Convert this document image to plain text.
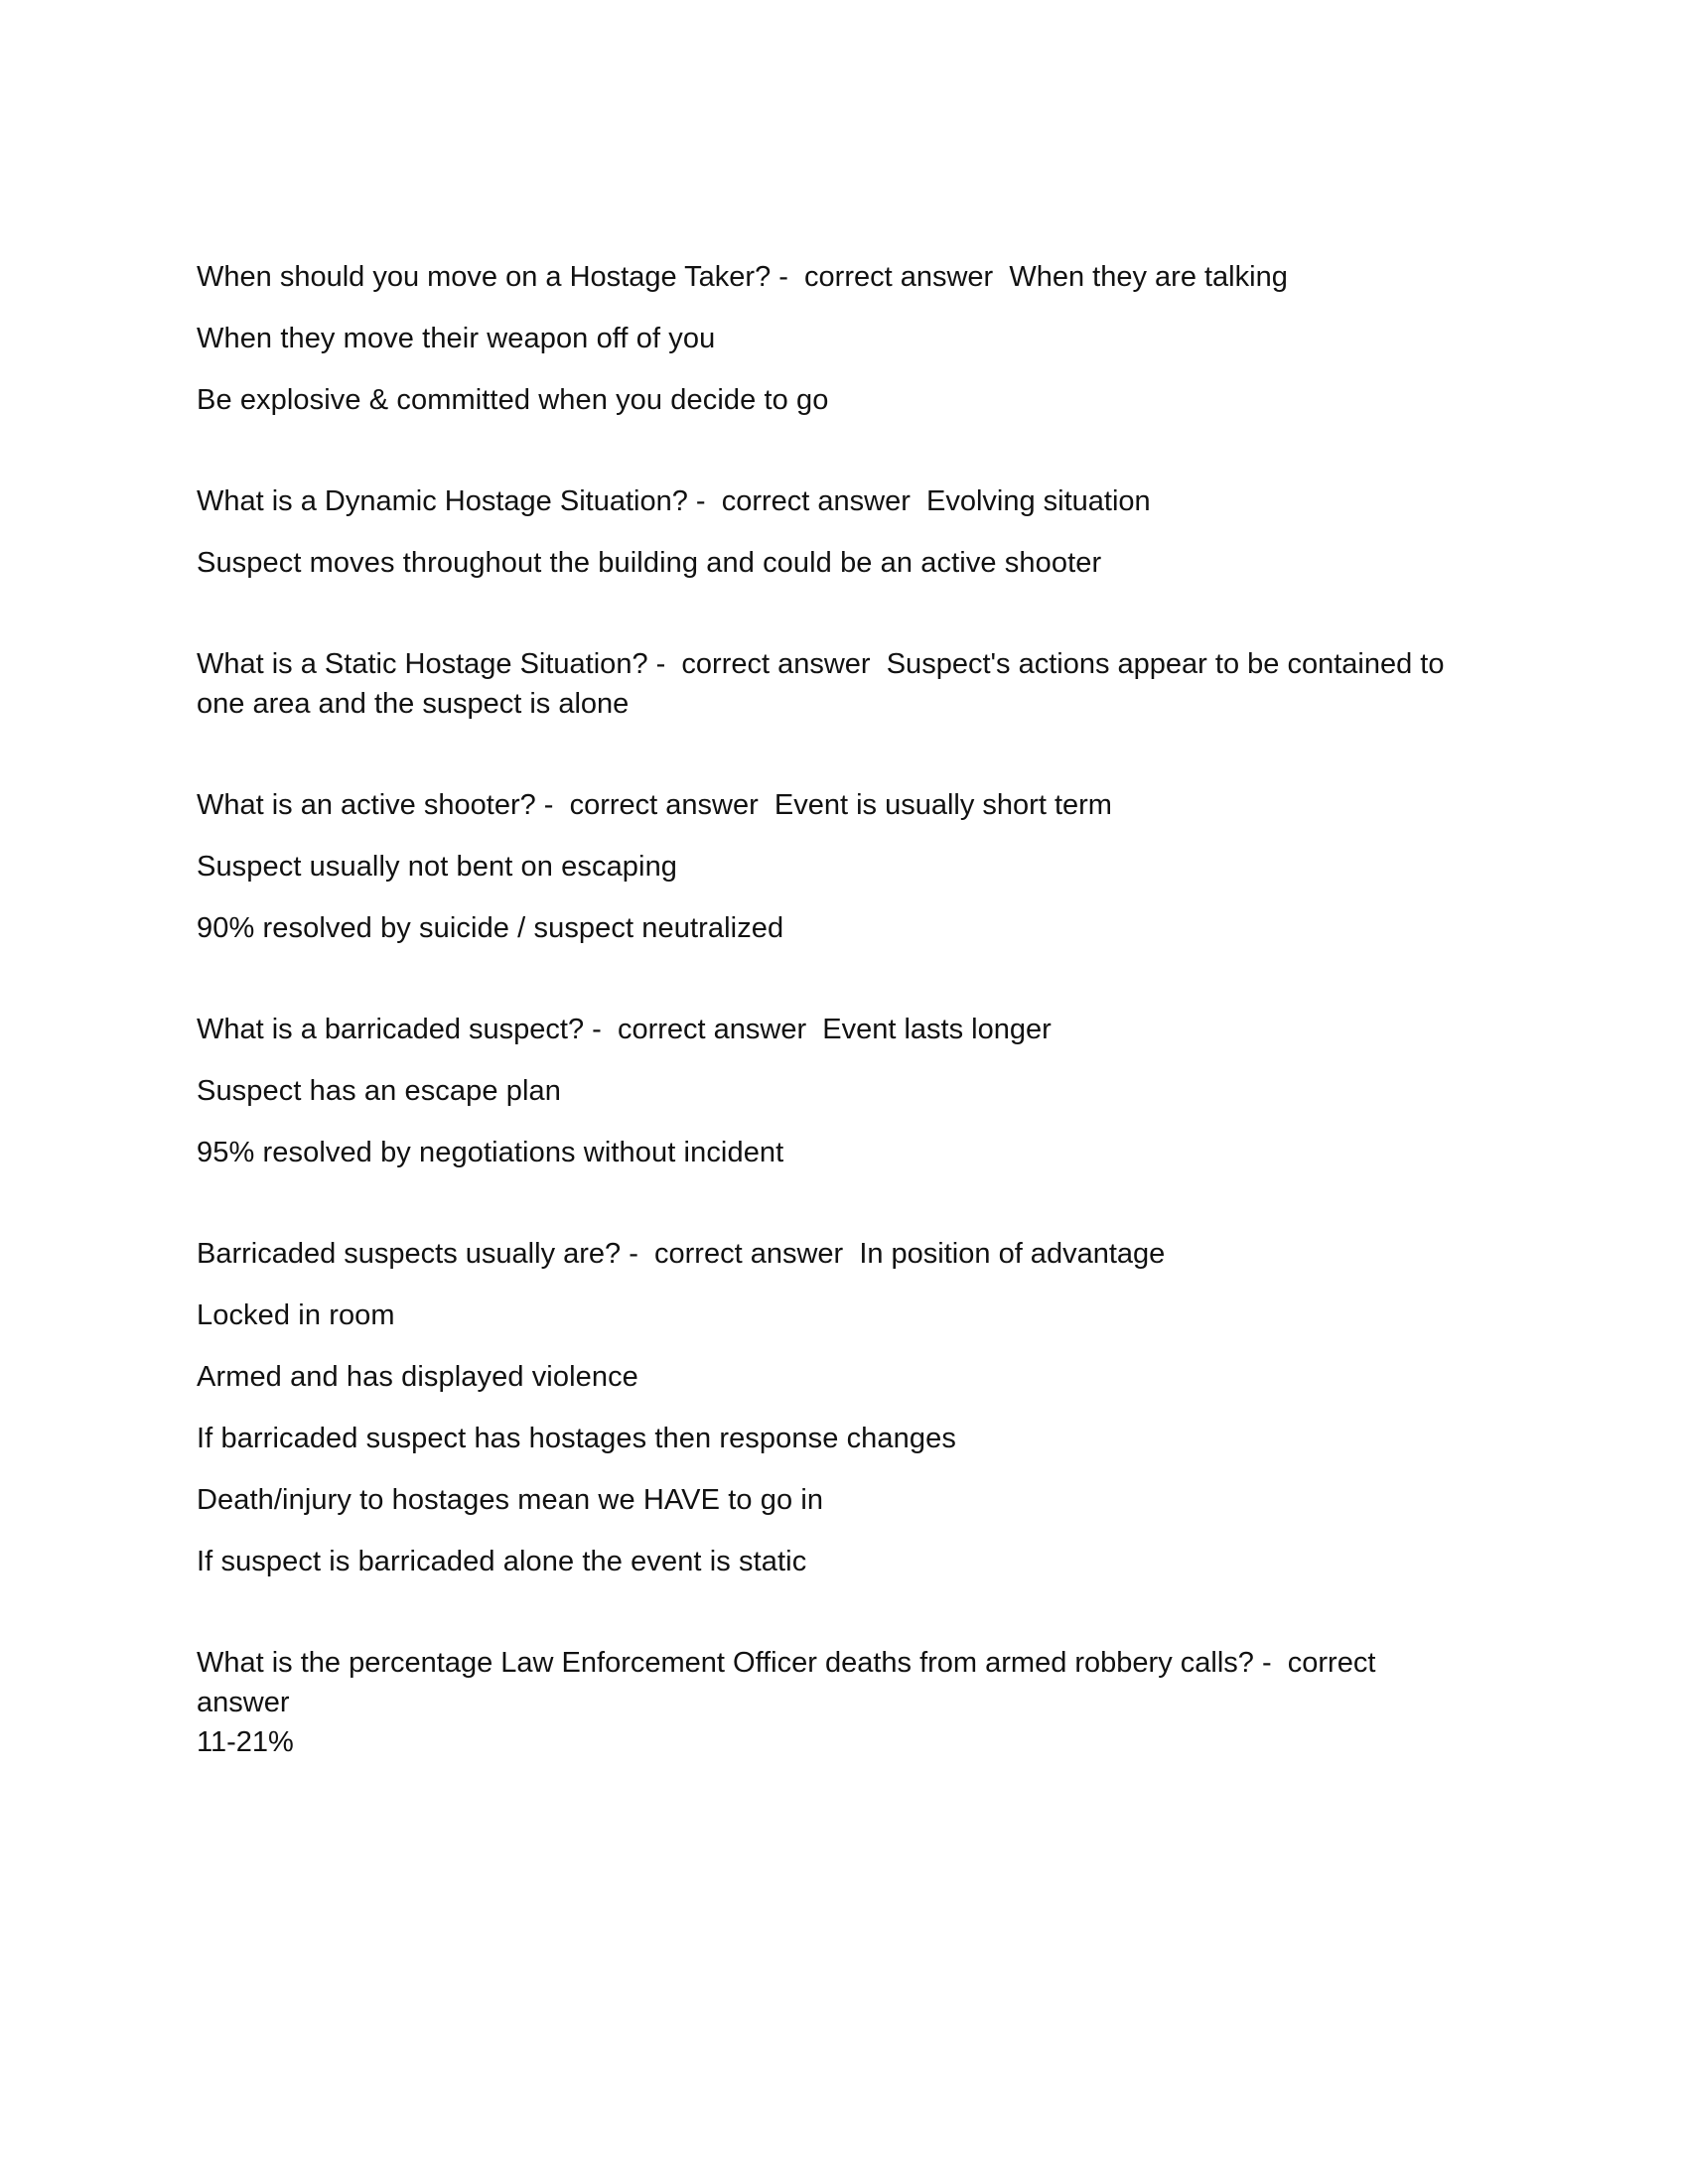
When should you move on a Hostage Taker? -  correct answer When they are talking
When they move their weapon off of you
Be explosive & committed when you decide to go
What is a Dynamic Hostage Situation? -  correct answer Evolving situation
Suspect moves throughout the building and could be an active shooter
What is a Static Hostage Situation? -  correct answer Suspect's actions appear to be contained to one area and the suspect is alone
What is an active shooter? -  correct answer Event is usually short term
Suspect usually not bent on escaping
90% resolved by suicide / suspect neutralized
What is a barricaded suspect? -  correct answer Event lasts longer
Suspect has an escape plan
95% resolved by negotiations without incident
Barricaded suspects usually are? -  correct answer In position of advantage
Locked in room
Armed and has displayed violence
If barricaded suspect has hostages then response changes
Death/injury to hostages mean we HAVE to go in
If suspect is barricaded alone the event is static
What is the percentage Law Enforcement Officer deaths from armed robbery calls? -  correct answer
11-21%
